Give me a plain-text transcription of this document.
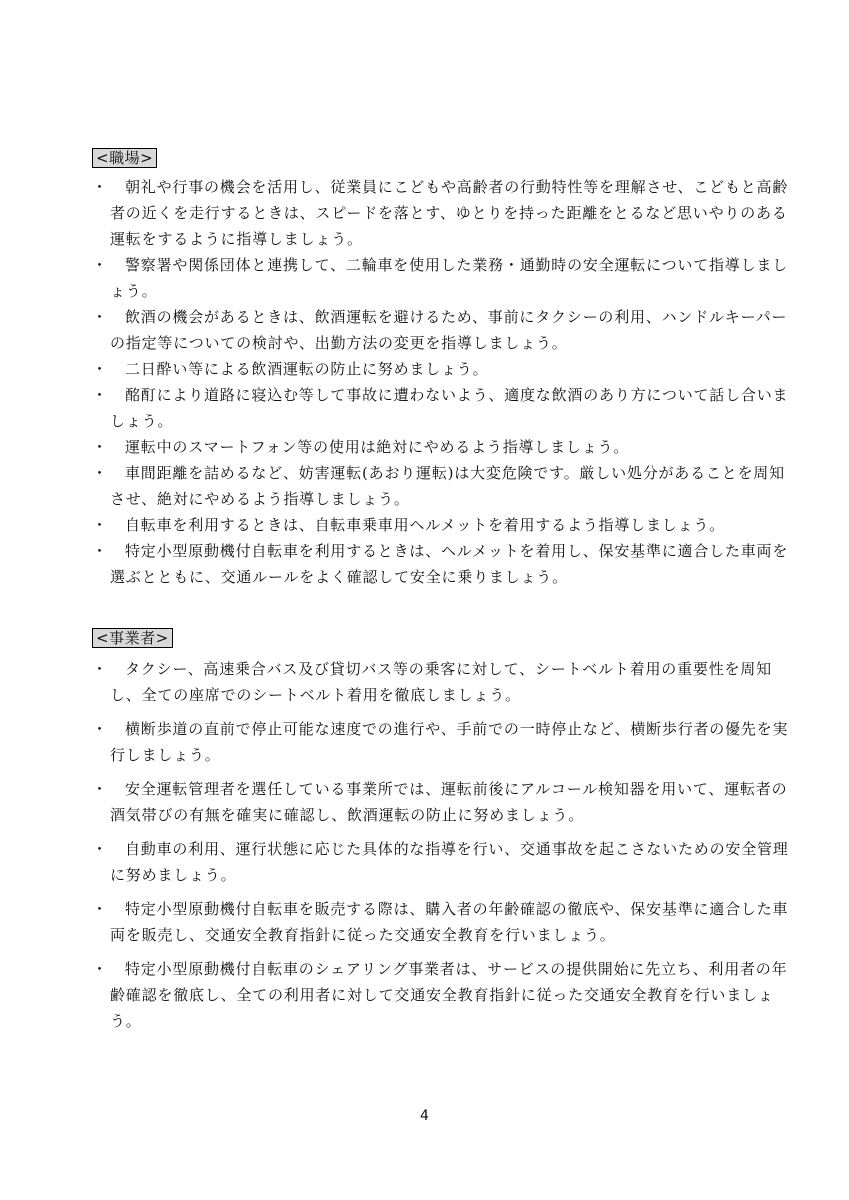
<職場>
・	朝礼や行事の機会を活用し、従業員にこどもや高齢者の行動特性等を理解させ、こどもと高齢者の近くを走行するときは、スピードを落とす、ゆとりを持った距離をとるなど思いやりのある運転をするように指導しましょう。
・	警察署や関係団体と連携して、二輪車を使用した業務・通勤時の安全運転について指導しましょう。
・	飲酒の機会があるときは、飲酒運転を避けるため、事前にタクシーの利用、ハンドルキーパーの指定等についての検討や、出勤方法の変更を指導しましょう。
・	二日酔い等による飲酒運転の防止に努めましょう。
・	酩酊により道路に寝込む等して事故に遭わないよう、適度な飲酒のあり方について話し合いましょう。
・	運転中のスマートフォン等の使用は絶対にやめるよう指導しましょう。
・	車間距離を詰めるなど、妨害運転(あおり運転)は大変危険です。厳しい処分があることを周知させ、絶対にやめるよう指導しましょう。
・	自転車を利用するときは、自転車乗車用ヘルメットを着用するよう指導しましょう。
・	特定小型原動機付自転車を利用するときは、ヘルメットを着用し、保安基準に適合した車両を選ぶとともに、交通ルールをよく確認して安全に乗りましょう。
<事業者>
・	タクシー、高速乗合バス及び貸切バス等の乗客に対して、シートベルト着用の重要性を周知し、全ての座席でのシートベルト着用を徹底しましょう。
・	横断歩道の直前で停止可能な速度での進行や、手前での一時停止など、横断歩行者の優先を実行しましょう。
・	安全運転管理者を選任している事業所では、運転前後にアルコール検知器を用いて、運転者の酒気帯びの有無を確実に確認し、飲酒運転の防止に努めましょう。
・	自動車の利用、運行状態に応じた具体的な指導を行い、交通事故を起こさないための安全管理に努めましょう。
・	特定小型原動機付自転車を販売する際は、購入者の年齢確認の徹底や、保安基準に適合した車両を販売し、交通安全教育指針に従った交通安全教育を行いましょう。
・	特定小型原動機付自転車のシェアリング事業者は、サービスの提供開始に先立ち、利用者の年齢確認を徹底し、全ての利用者に対して交通安全教育指針に従った交通安全教育を行いましょう。
4
